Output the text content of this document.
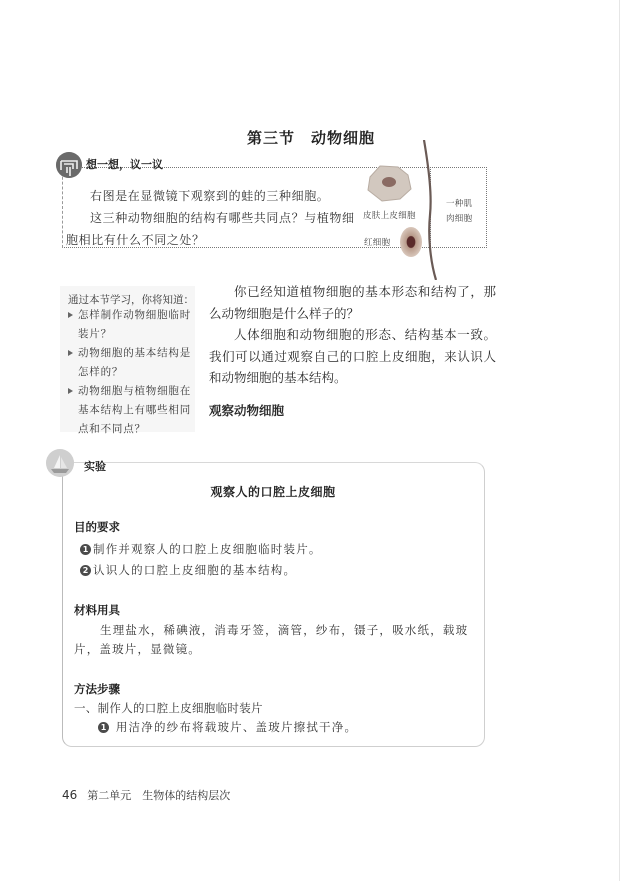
第三节 动物细胞
想一想，议一议

右图是在显微镜下观察到的蛙的三种细胞。

这三种动物细胞的结构有哪些共同点？与植物细胞相比有什么不同之处？

皮肤上皮细胞
红细胞
一种肌
肉细胞
通过本节学习，你将知道：
怎样制作动物细胞临时装片？
动物细胞的基本结构是怎样的？
动物细胞与植物细胞在基本结构上有哪些相同点和不同点？

你已经知道植物细胞的基本形态和结构了，那么动物细胞是什么样子的？

人体细胞和动物细胞的形态、结构基本一致。我们可以通过观察自己的口腔上皮细胞，来认识人和动物细胞的基本结构。

观察动物细胞
实验
观察人的口腔上皮细胞
目的要求
1 制作并观察人的口腔上皮细胞临时装片。
2 认识人的口腔上皮细胞的基本结构。
材料用具
生理盐水，稀碘液，消毒牙签，滴管，纱布，镊子，吸水纸，载玻
片，盖玻片，显微镜。
方法步骤
一、制作人的口腔上皮细胞临时装片
1 用洁净的纱布将载玻片、盖玻片擦拭干净。
46 第二单元　生物体的结构层次
